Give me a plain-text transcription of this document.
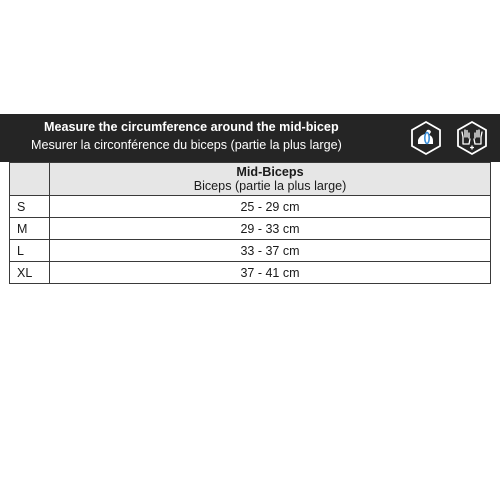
Measure the circumference around the mid-bicep
Mesurer la circonférence du biceps (partie la plus large)

	Mid-Biceps
Biceps (partie la plus large)
S	25 - 29 cm
M	29 - 33 cm
L	33 - 37 cm
XL	37 - 41 cm
